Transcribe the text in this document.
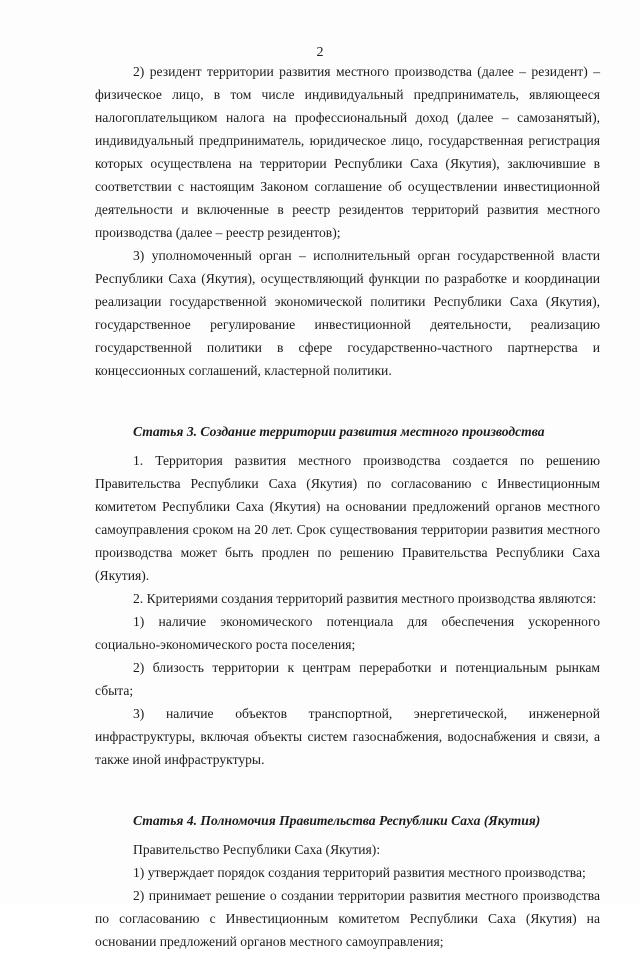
2

2) резидент территории развития местного производства (далее – резидент) – физическое лицо, в том числе индивидуальный предприниматель, являющееся налогоплательщиком налога на профессиональный доход (далее – самозанятый), индивидуальный предприниматель, юридическое лицо, государственная регистрация которых осуществлена на территории Республики Саха (Якутия), заключившие в соответствии с настоящим Законом соглашение об осуществлении инвестиционной деятельности и включенные в реестр резидентов территорий развития местного производства (далее – реестр резидентов);

3) уполномоченный орган – исполнительный орган государственной власти Республики Саха (Якутия), осуществляющий функции по разработке и координации реализации государственной экономической политики Республики Саха (Якутия), государственное регулирование инвестиционной деятельности, реализацию государственной политики в сфере государственно-частного партнерства и концессионных соглашений, кластерной политики.

Статья 3. Создание территории развития местного производства

1. Территория развития местного производства создается по решению Правительства Республики Саха (Якутия) по согласованию с Инвестиционным комитетом Республики Саха (Якутия) на основании предложений органов местного самоуправления сроком на 20 лет. Срок существования территории развития местного производства может быть продлен по решению Правительства Республики Саха (Якутия).

2. Критериями создания территорий развития местного производства являются:

1) наличие экономического потенциала для обеспечения ускоренного социально-экономического роста поселения;

2) близость территории к центрам переработки и потенциальным рынкам сбыта;

3) наличие объектов транспортной, энергетической, инженерной инфраструктуры, включая объекты систем газоснабжения, водоснабжения и связи, а также иной инфраструктуры.

Статья 4. Полномочия Правительства Республики Саха (Якутия)

Правительство Республики Саха (Якутия):

1) утверждает порядок создания территорий развития местного производства;

2) принимает решение о создании территории развития местного производства по согласованию с Инвестиционным комитетом Республики Саха (Якутия) на основании предложений органов местного самоуправления;
